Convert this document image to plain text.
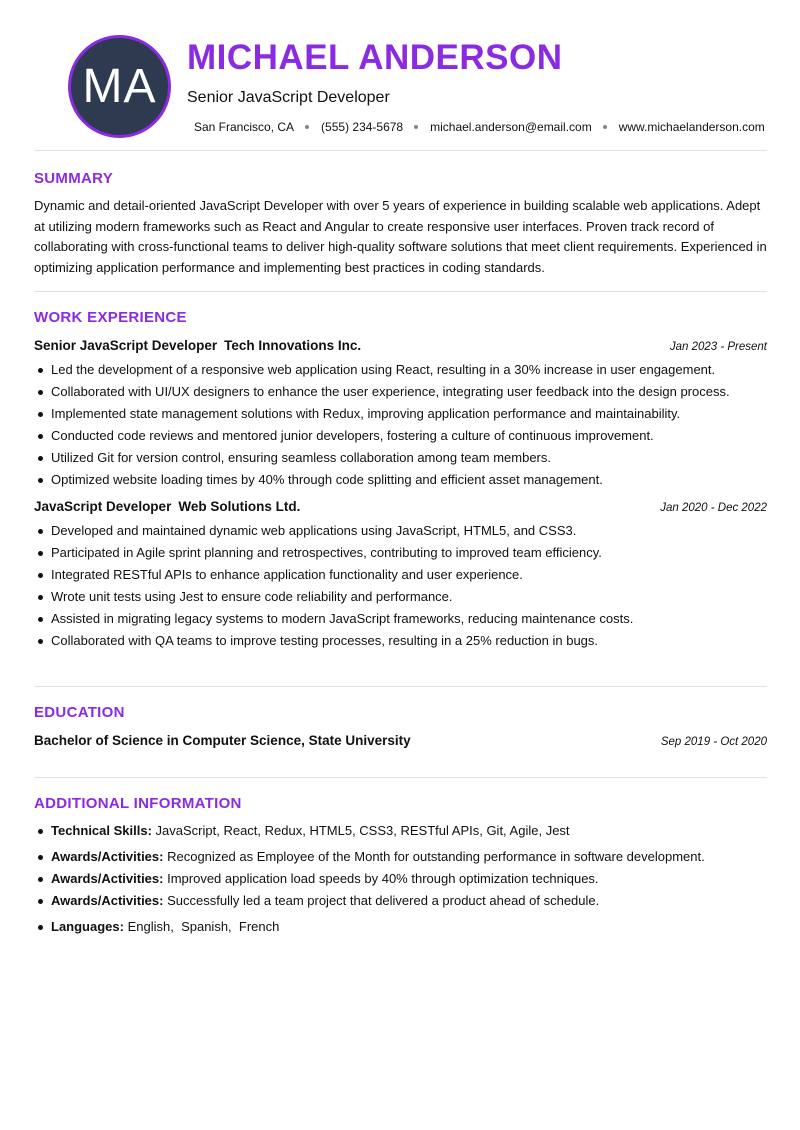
MA
MICHAEL ANDERSON
Senior JavaScript Developer
San Francisco, CA (555) 234-5678 michael.anderson@email.com www.michaelanderson.com
SUMMARY
Dynamic and detail-oriented JavaScript Developer with over 5 years of experience in building scalable web applications. Adept at utilizing modern frameworks such as React and Angular to create responsive user interfaces. Proven track record of collaborating with cross-functional teams to deliver high-quality software solutions that meet client requirements. Experienced in optimizing application performance and implementing best practices in coding standards.
WORK EXPERIENCE
Senior JavaScript Developer Tech Innovations Inc.	Jan 2023 - Present
Led the development of a responsive web application using React, resulting in a 30% increase in user engagement.
Collaborated with UI/UX designers to enhance the user experience, integrating user feedback into the design process.
Implemented state management solutions with Redux, improving application performance and maintainability.
Conducted code reviews and mentored junior developers, fostering a culture of continuous improvement.
Utilized Git for version control, ensuring seamless collaboration among team members.
Optimized website loading times by 40% through code splitting and efficient asset management.
JavaScript Developer Web Solutions Ltd.	Jan 2020 - Dec 2022
Developed and maintained dynamic web applications using JavaScript, HTML5, and CSS3.
Participated in Agile sprint planning and retrospectives, contributing to improved team efficiency.
Integrated RESTful APIs to enhance application functionality and user experience.
Wrote unit tests using Jest to ensure code reliability and performance.
Assisted in migrating legacy systems to modern JavaScript frameworks, reducing maintenance costs.
Collaborated with QA teams to improve testing processes, resulting in a 25% reduction in bugs.
EDUCATION
Bachelor of Science in Computer Science, State University	Sep 2019 - Oct 2020
ADDITIONAL INFORMATION
Technical Skills: JavaScript, React, Redux, HTML5, CSS3, RESTful APIs, Git, Agile, Jest
Awards/Activities: Recognized as Employee of the Month for outstanding performance in software development.
Awards/Activities: Improved application load speeds by 40% through optimization techniques.
Awards/Activities: Successfully led a team project that delivered a product ahead of schedule.
Languages: English,  Spanish,  French
